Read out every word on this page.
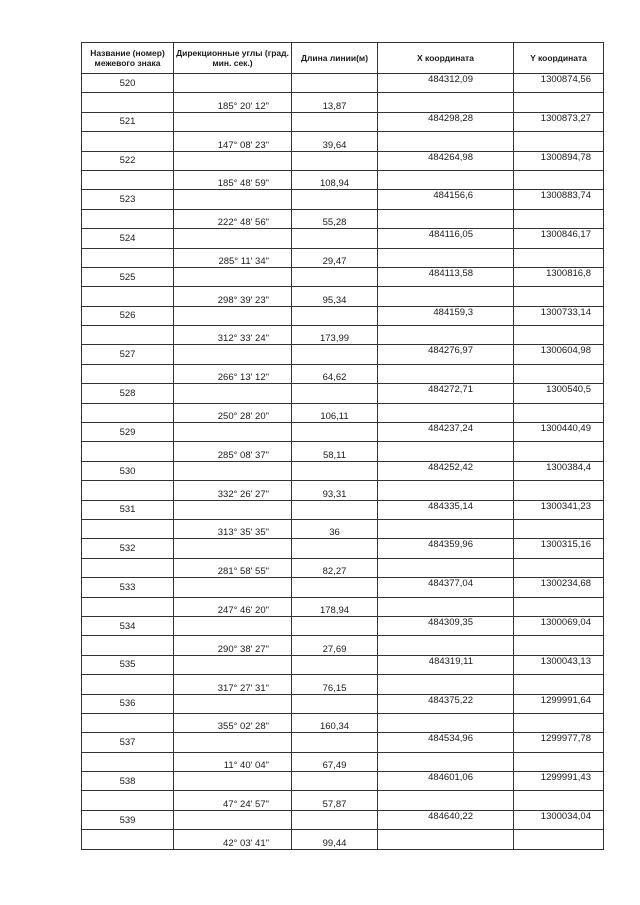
Название (номер) межевого знака	Дирекционные углы (град. мин. сек.)	Длина линии(м)	X координата	Y координата
520			484312,09	1300874,56
	185° 20' 12"	13,87		
521			484298,28	1300873,27
	147° 08' 23"	39,64		
522			484264,98	1300894,78
	185° 48' 59"	108,94		
523			484156,6	1300883,74
	222° 48' 56"	55,28		
524			484116,05	1300846,17
	285° 11' 34"	29,47		
525			484113,58	1300816,8
	298° 39' 23"	95,34		
526			484159,3	1300733,14
	312° 33' 24"	173,99		
527			484276,97	1300604,98
	266° 13' 12"	64,62		
528			484272,71	1300540,5
	250° 28' 20"	106,11		
529			484237,24	1300440,49
	285° 08' 37"	58,11		
530			484252,42	1300384,4
	332° 26' 27"	93,31		
531			484335,14	1300341,23
	313° 35' 35"	36		
532			484359,96	1300315,16
	281° 58' 55"	82,27		
533			484377,04	1300234,68
	247° 46' 20"	178,94		
534			484309,35	1300069,04
	290° 38' 27"	27,69		
535			484319,11	1300043,13
	317° 27' 31"	76,15		
536			484375,22	1299991,64
	355° 02' 28"	160,34		
537			484534,96	1299977,78
	11° 40' 04"	67,49		
538			484601,06	1299991,43
	47° 24' 57"	57,87		
539			484640,22	1300034,04
	42° 03' 41"	99,44		
